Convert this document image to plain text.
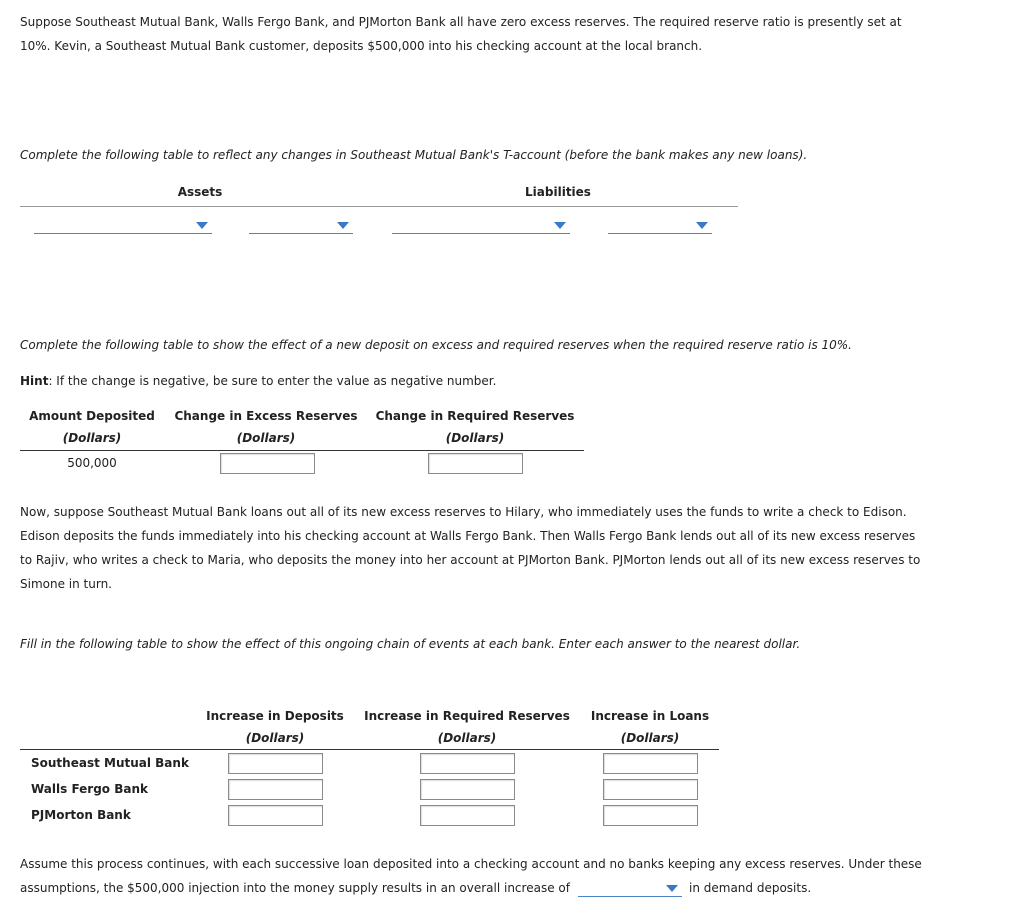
Suppose Southeast Mutual Bank, Walls Fergo Bank, and PJMorton Bank all have zero excess reserves. The required reserve ratio is presently set at
10%. Kevin, a Southeast Mutual Bank customer, deposits $500,000 into his checking account at the local branch.
Complete the following table to reflect any changes in Southeast Mutual Bank's T-account (before the bank makes any new loans).
Assets	Liabilities
Complete the following table to show the effect of a new deposit on excess and required reserves when the required reserve ratio is 10%.
Hint: If the change is negative, be sure to enter the value as negative number.
Amount Deposited	Change in Excess Reserves	Change in Required Reserves
(Dollars)	(Dollars)	(Dollars)
500,000
Now, suppose Southeast Mutual Bank loans out all of its new excess reserves to Hilary, who immediately uses the funds to write a check to Edison.
Edison deposits the funds immediately into his checking account at Walls Fergo Bank. Then Walls Fergo Bank lends out all of its new excess reserves
to Rajiv, who writes a check to Maria, who deposits the money into her account at PJMorton Bank. PJMorton lends out all of its new excess reserves to
Simone in turn.
Fill in the following table to show the effect of this ongoing chain of events at each bank. Enter each answer to the nearest dollar.
Increase in Deposits	Increase in Required Reserves	Increase in Loans
(Dollars)	(Dollars)	(Dollars)
Southeast Mutual Bank
Walls Fergo Bank
PJMorton Bank
Assume this process continues, with each successive loan deposited into a checking account and no banks keeping any excess reserves. Under these
assumptions, the $500,000 injection into the money supply results in an overall increase of	in demand deposits.
